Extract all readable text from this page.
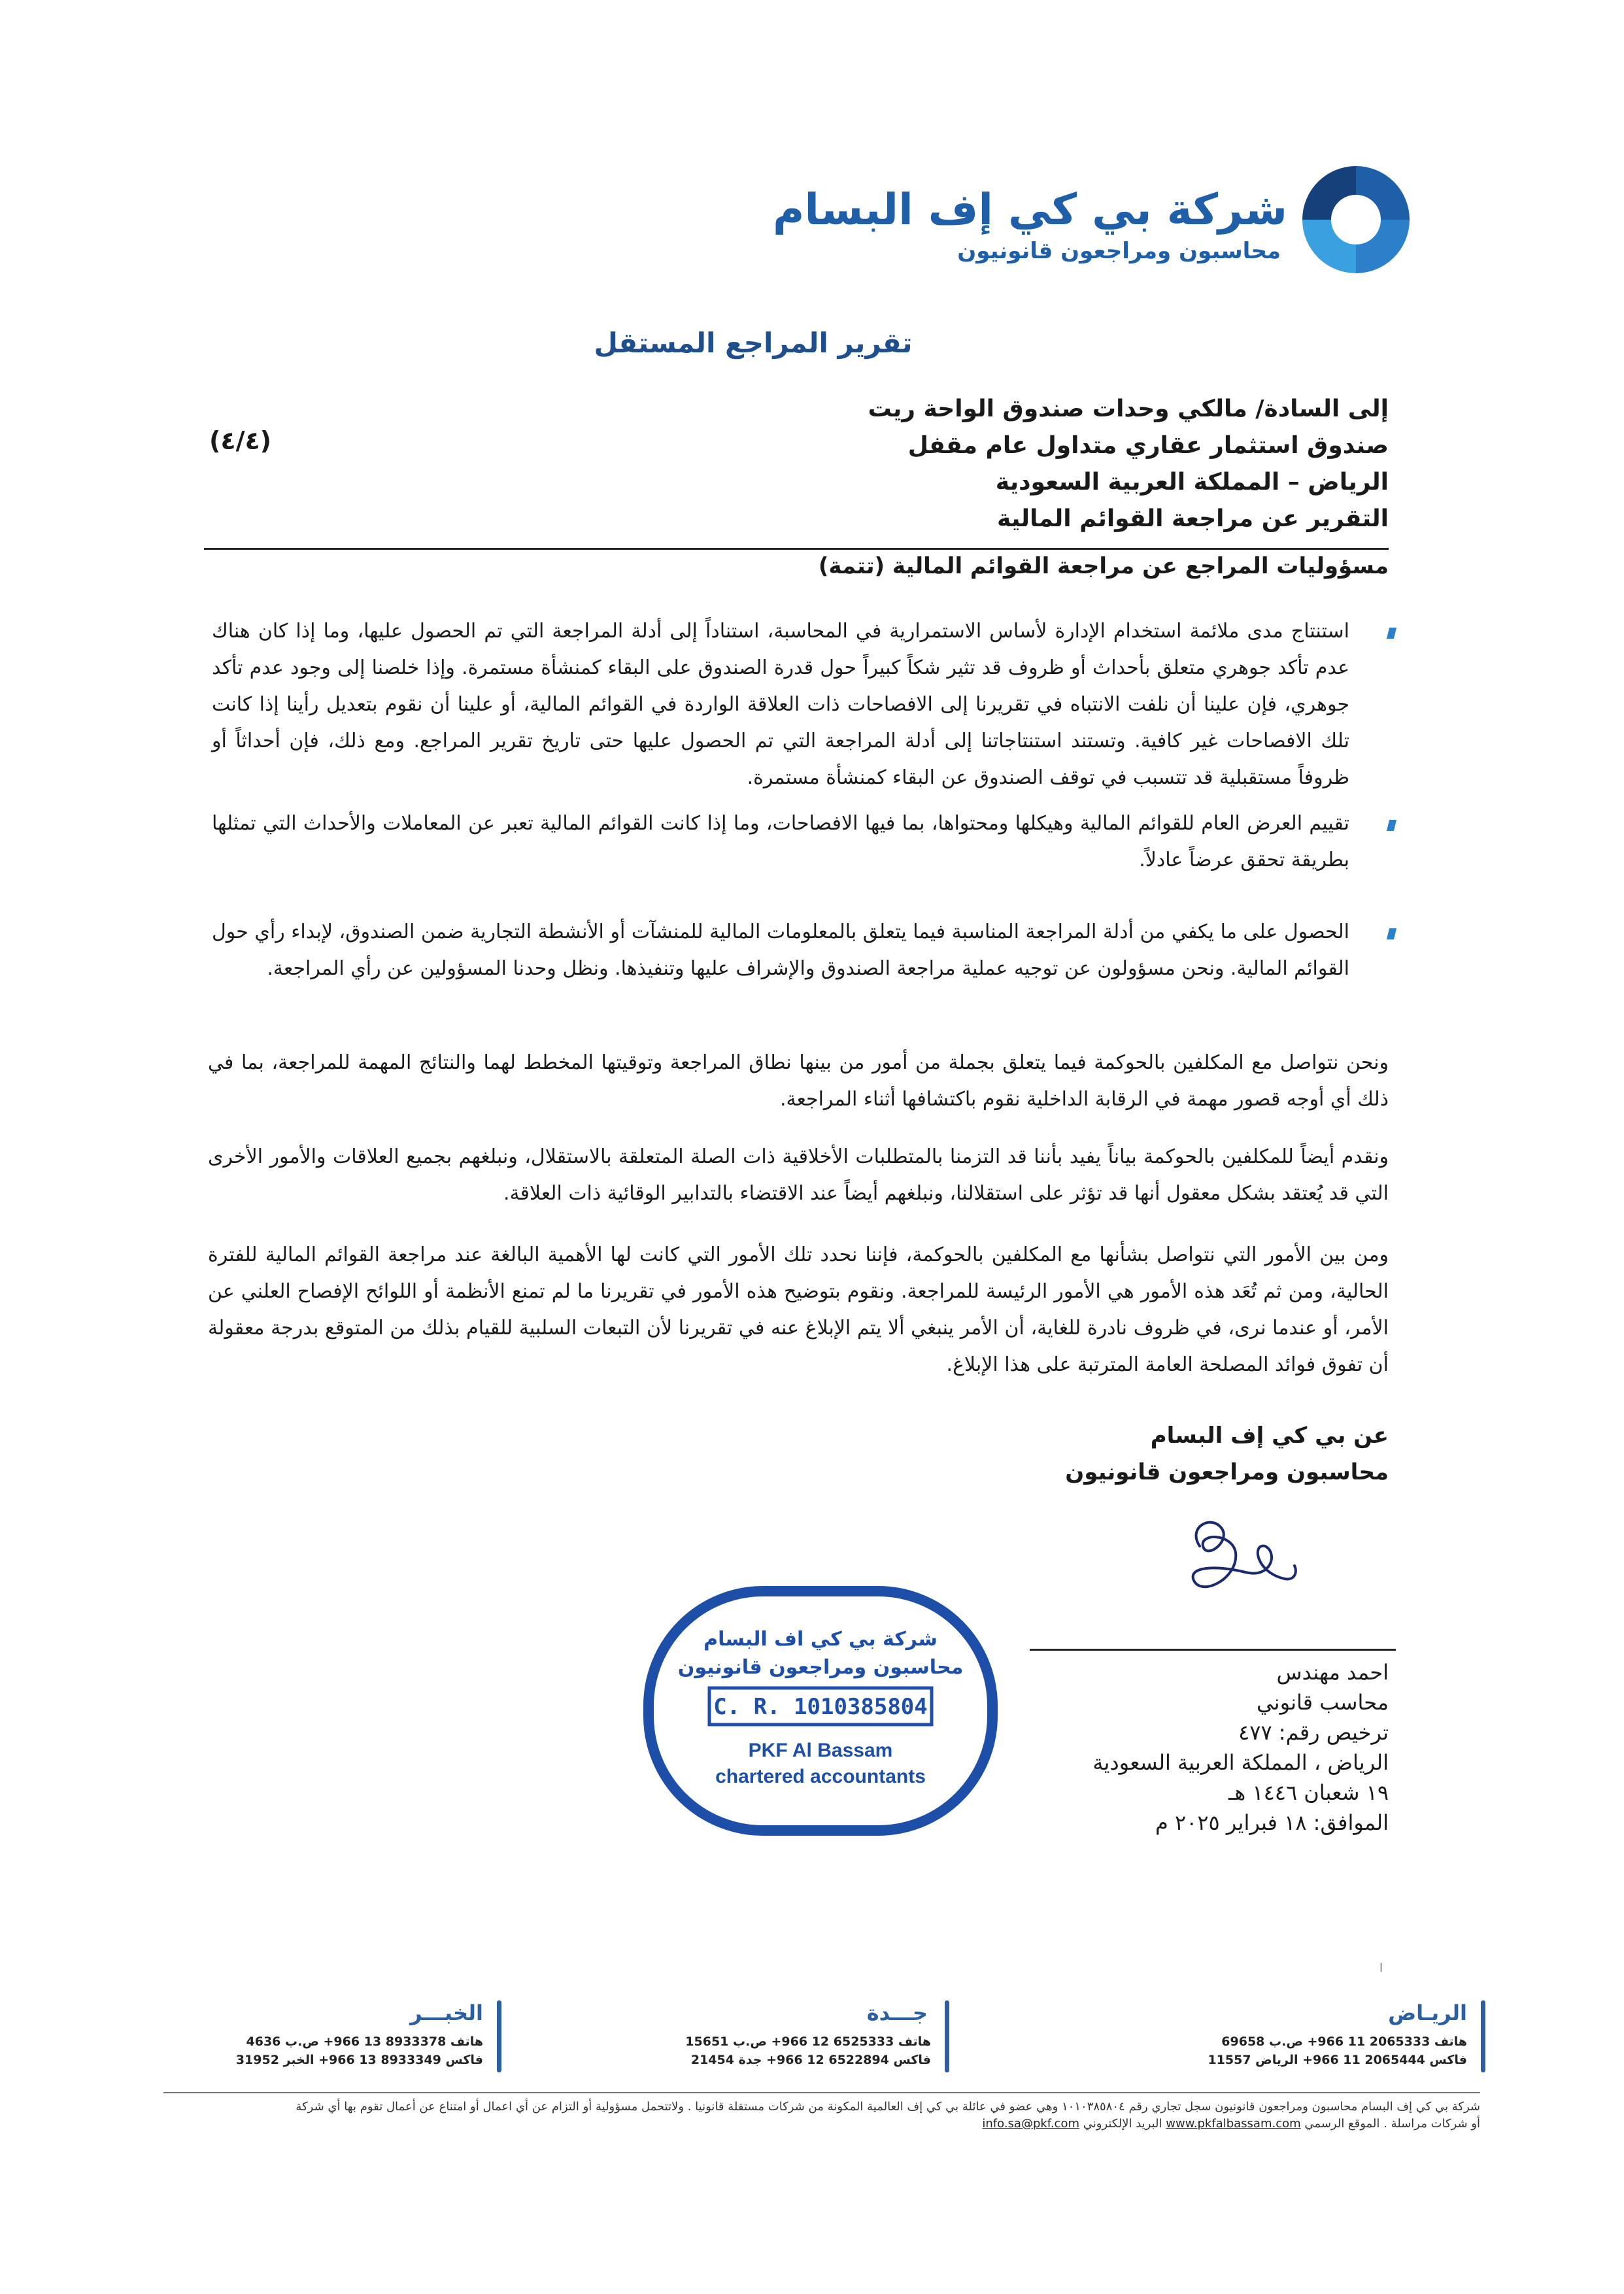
شركة بي كي إف البسام
محاسبون ومراجعون قانونيون
تقرير المراجع المستقل
إلى السادة/ مالكي وحدات صندوق الواحة ريت
صندوق استثمار عقاري متداول عام مقفل
الرياض – المملكة العربية السعودية
التقرير عن مراجعة القوائم المالية
(٤/٤)
مسؤوليات المراجع عن مراجعة القوائم المالية (تتمة)
استنتاج مدى ملائمة استخدام الإدارة لأساس الاستمرارية في المحاسبة، استناداً إلى أدلة المراجعة التي تم الحصول عليها، وما إذا كان هناك عدم تأكد جوهري متعلق بأحداث أو ظروف قد تثير شكاً كبيراً حول قدرة الصندوق على البقاء كمنشأة مستمرة. وإذا خلصنا إلى وجود عدم تأكد جوهري، فإن علينا أن نلفت الانتباه في تقريرنا إلى الافصاحات ذات العلاقة الواردة في القوائم المالية، أو علينا أن نقوم بتعديل رأينا إذا كانت تلك الافصاحات غير كافية. وتستند استنتاجاتنا إلى أدلة المراجعة التي تم الحصول عليها حتى تاريخ تقرير المراجع. ومع ذلك، فإن أحداثاً أو ظروفاً مستقبلية قد تتسبب في توقف الصندوق عن البقاء كمنشأة مستمرة.
تقييم العرض العام للقوائم المالية وهيكلها ومحتواها، بما فيها الافصاحات، وما إذا كانت القوائم المالية تعبر عن المعاملات والأحداث التي تمثلها بطريقة تحقق عرضاً عادلاً.
الحصول على ما يكفي من أدلة المراجعة المناسبة فيما يتعلق بالمعلومات المالية للمنشآت أو الأنشطة التجارية ضمن الصندوق، لإبداء رأي حول القوائم المالية. ونحن مسؤولون عن توجيه عملية مراجعة الصندوق والإشراف عليها وتنفيذها. ونظل وحدنا المسؤولين عن رأي المراجعة.
ونحن نتواصل مع المكلفين بالحوكمة فيما يتعلق بجملة من أمور من بينها نطاق المراجعة وتوقيتها المخطط لهما والنتائج المهمة للمراجعة، بما في ذلك أي أوجه قصور مهمة في الرقابة الداخلية نقوم باكتشافها أثناء المراجعة.
ونقدم أيضاً للمكلفين بالحوكمة بياناً يفيد بأننا قد التزمنا بالمتطلبات الأخلاقية ذات الصلة المتعلقة بالاستقلال، ونبلغهم بجميع العلاقات والأمور الأخرى التي قد يُعتقد بشكل معقول أنها قد تؤثر على استقلالنا، ونبلغهم أيضاً عند الاقتضاء بالتدابير الوقائية ذات العلاقة.
ومن بين الأمور التي نتواصل بشأنها مع المكلفين بالحوكمة، فإننا نحدد تلك الأمور التي كانت لها الأهمية البالغة عند مراجعة القوائم المالية للفترة الحالية، ومن ثم تُعَد هذه الأمور هي الأمور الرئيسة للمراجعة. ونقوم بتوضيح هذه الأمور في تقريرنا ما لم تمنع الأنظمة أو اللوائح الإفصاح العلني عن الأمر، أو عندما نرى، في ظروف نادرة للغاية، أن الأمر ينبغي ألا يتم الإبلاغ عنه في تقريرنا لأن التبعات السلبية للقيام بذلك من المتوقع بدرجة معقولة أن تفوق فوائد المصلحة العامة المترتبة على هذا الإبلاغ.
عن بي كي إف البسام
محاسبون ومراجعون قانونيون
احمد مهندس
محاسب قانوني
ترخيص رقم: ٤٧٧
الرياض ، المملكة العربية السعودية
١٩ شعبان ١٤٤٦ هـ
الموافق: ١٨ فبراير ٢٠٢٥ م
شركة بي كي اف البسام
محاسبون ومراجعون قانونيون
C. R. 1010385804
PKF Al Bassam
chartered accountants
ا
الريـاض
هاتف ‎+966 11 2065333‎ ص.ب ‎69658‎
فاكس ‎+966 11 2065444‎ الرياض ‎11557‎
جـــدة
هاتف ‎+966 12 6525333‎ ص.ب ‎15651‎
فاكس ‎+966 12 6522894‎ جدة ‎21454‎
الخبـــر
هاتف ‎+966 13 8933378‎ ص.ب ‎4636‎
فاكس ‎+966 13 8933349‎ الخبر ‎31952‎
شركة بي كي إف البسام محاسبون ومراجعون قانونيون سجل تجاري رقم ١٠١٠٣٨٥٨٠٤ وهي عضو في عائلة بي كي إف العالمية المكونة من شركات مستقلة قانونيا . ولاتتحمل مسؤولية أو التزام عن أي اعمال أو امتناع عن أعمال تقوم بها أي شركة
أو شركات مراسلة . الموقع الرسمي www.pkfalbassam.com البريد الإلكتروني info.sa@pkf.com
